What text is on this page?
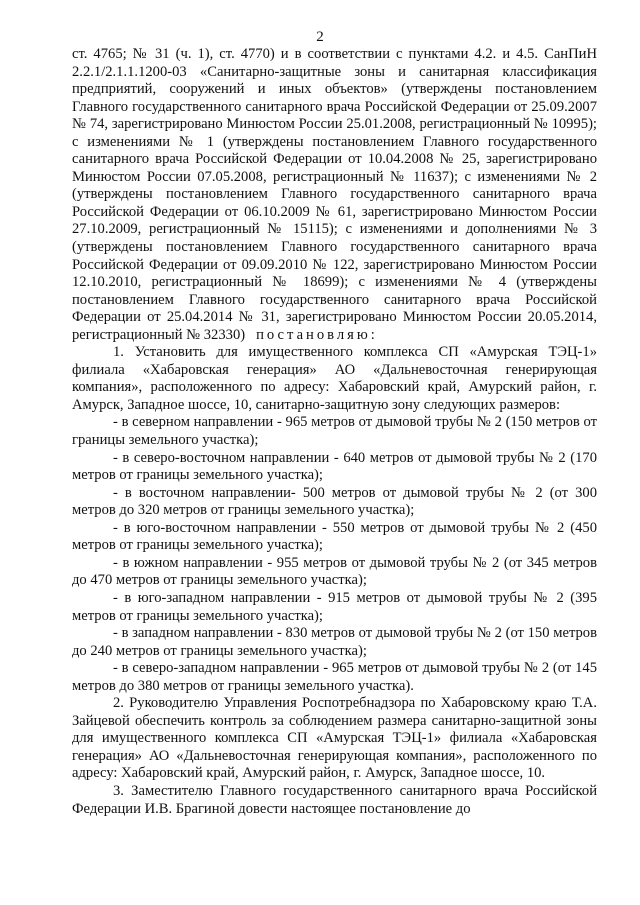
2

ст. 4765; № 31 (ч. 1), ст. 4770) и в соответствии с пунктами 4.2. и 4.5. СанПиН 2.2.1/2.1.1.1200-03 «Санитарно-защитные зоны и санитарная классификация предприятий, сооружений и иных объектов» (утверждены постановлением Главного государственного санитарного врача Российской Федерации от 25.09.2007 № 74, зарегистрировано Минюстом России 25.01.2008, регистрационный № 10995); с изменениями № 1 (утверждены постановлением Главного государственного санитарного врача Российской Федерации от 10.04.2008 № 25, зарегистрировано Минюстом России 07.05.2008, регистрационный № 11637); с изменениями № 2 (утверждены постановлением Главного государственного санитарного врача Российской Федерации от 06.10.2009 № 61, зарегистрировано Минюстом России 27.10.2009, регистрационный № 15115); с изменениями и дополнениями № 3 (утверждены постановлением Главного государственного санитарного врача Российской Федерации от 09.09.2010 № 122, зарегистрировано Минюстом России 12.10.2010, регистрационный № 18699); с изменениями № 4 (утверждены постановлением Главного государственного санитарного врача Российской Федерации от 25.04.2014 № 31, зарегистрировано Минюстом России 20.05.2014, регистрационный № 32330) постановляю:

1. Установить для имущественного комплекса СП «Амурская ТЭЦ-1» филиала «Хабаровская генерация» АО «Дальневосточная генерирующая компания», расположенного по адресу: Хабаровский край, Амурский район, г. Амурск, Западное шоссе, 10, санитарно-защитную зону следующих размеров:

- в северном направлении - 965 метров от дымовой трубы № 2 (150 метров от границы земельного участка);

- в северо-восточном направлении - 640 метров от дымовой трубы № 2 (170 метров от границы земельного участка);

- в восточном направлении- 500 метров от дымовой трубы № 2 (от 300 метров до 320 метров от границы земельного участка);

- в юго-восточном направлении - 550 метров от дымовой трубы № 2 (450 метров от границы земельного участка);

- в южном направлении - 955 метров от дымовой трубы № 2 (от 345 метров до 470 метров от границы земельного участка);

- в юго-западном направлении - 915 метров от дымовой трубы № 2 (395 метров от границы земельного участка);

- в западном направлении - 830 метров от дымовой трубы № 2 (от 150 метров до 240 метров от границы земельного участка);

- в северо-западном направлении - 965 метров от дымовой трубы № 2 (от 145 метров до 380 метров от границы земельного участка).

2. Руководителю Управления Роспотребнадзора по Хабаровскому краю Т.А. Зайцевой обеспечить контроль за соблюдением размера санитарно-защитной зоны для имущественного комплекса СП «Амурская ТЭЦ-1» филиала «Хабаровская генерация» АО «Дальневосточная генерирующая компания», расположенного по адресу: Хабаровский край, Амурский район, г. Амурск, Западное шоссе, 10.

3. Заместителю Главного государственного санитарного врача Российской Федерации И.В. Брагиной довести настоящее постановление до
